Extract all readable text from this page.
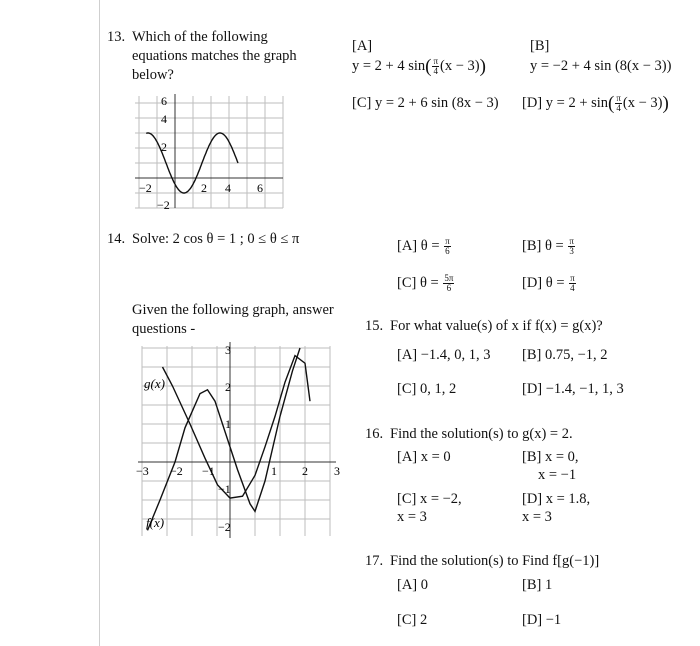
13. Which of the following
equations matches the graph
below?
[A]
y = 2 + 4 $\sin( \frac{\pi}{4} (x - 3))$
[B]
y = −2 + 4 sin (8(x − 3))
[C] y = 2 + 6 sin (8x − 3) [D] $y = 2 + \sin( \frac{\pi}{4} (x - 3))$
6
4
2
−2
−2	2 4 6
14. Solve: 2 cos θ = 1 ; 0 ≤ θ ≤ π	[A] $\theta = \frac{\pi}{6}$	[B] $\theta = \frac{\pi}{3}$
[C] $\theta = \frac{5\pi}{6}$	[D] $\theta = \frac{\pi}{4}$
Given the following graph, answer
questions -
g(x)
f(x)
3
2
1
−1
−2
−3 −2 −1	1 2 3
15. For what value(s) of x if f(x) = g(x)?
[A] −1.4, 0, 1, 3 [B] 0.75, −1, 2
[C] 0, 1, 2	[D] −1.4, −1, 1, 3
16. Find the solution(s) to g(x) = 2.
[A] x = 0	[B] x = 0,
x = −1
[C] x = −2,
x = 3
[D] x = 1.8,
x = 3
17. Find the solution(s) to Find f[g(−1)]
[A] 0	[B] 1
[C] 2	[D] −1
